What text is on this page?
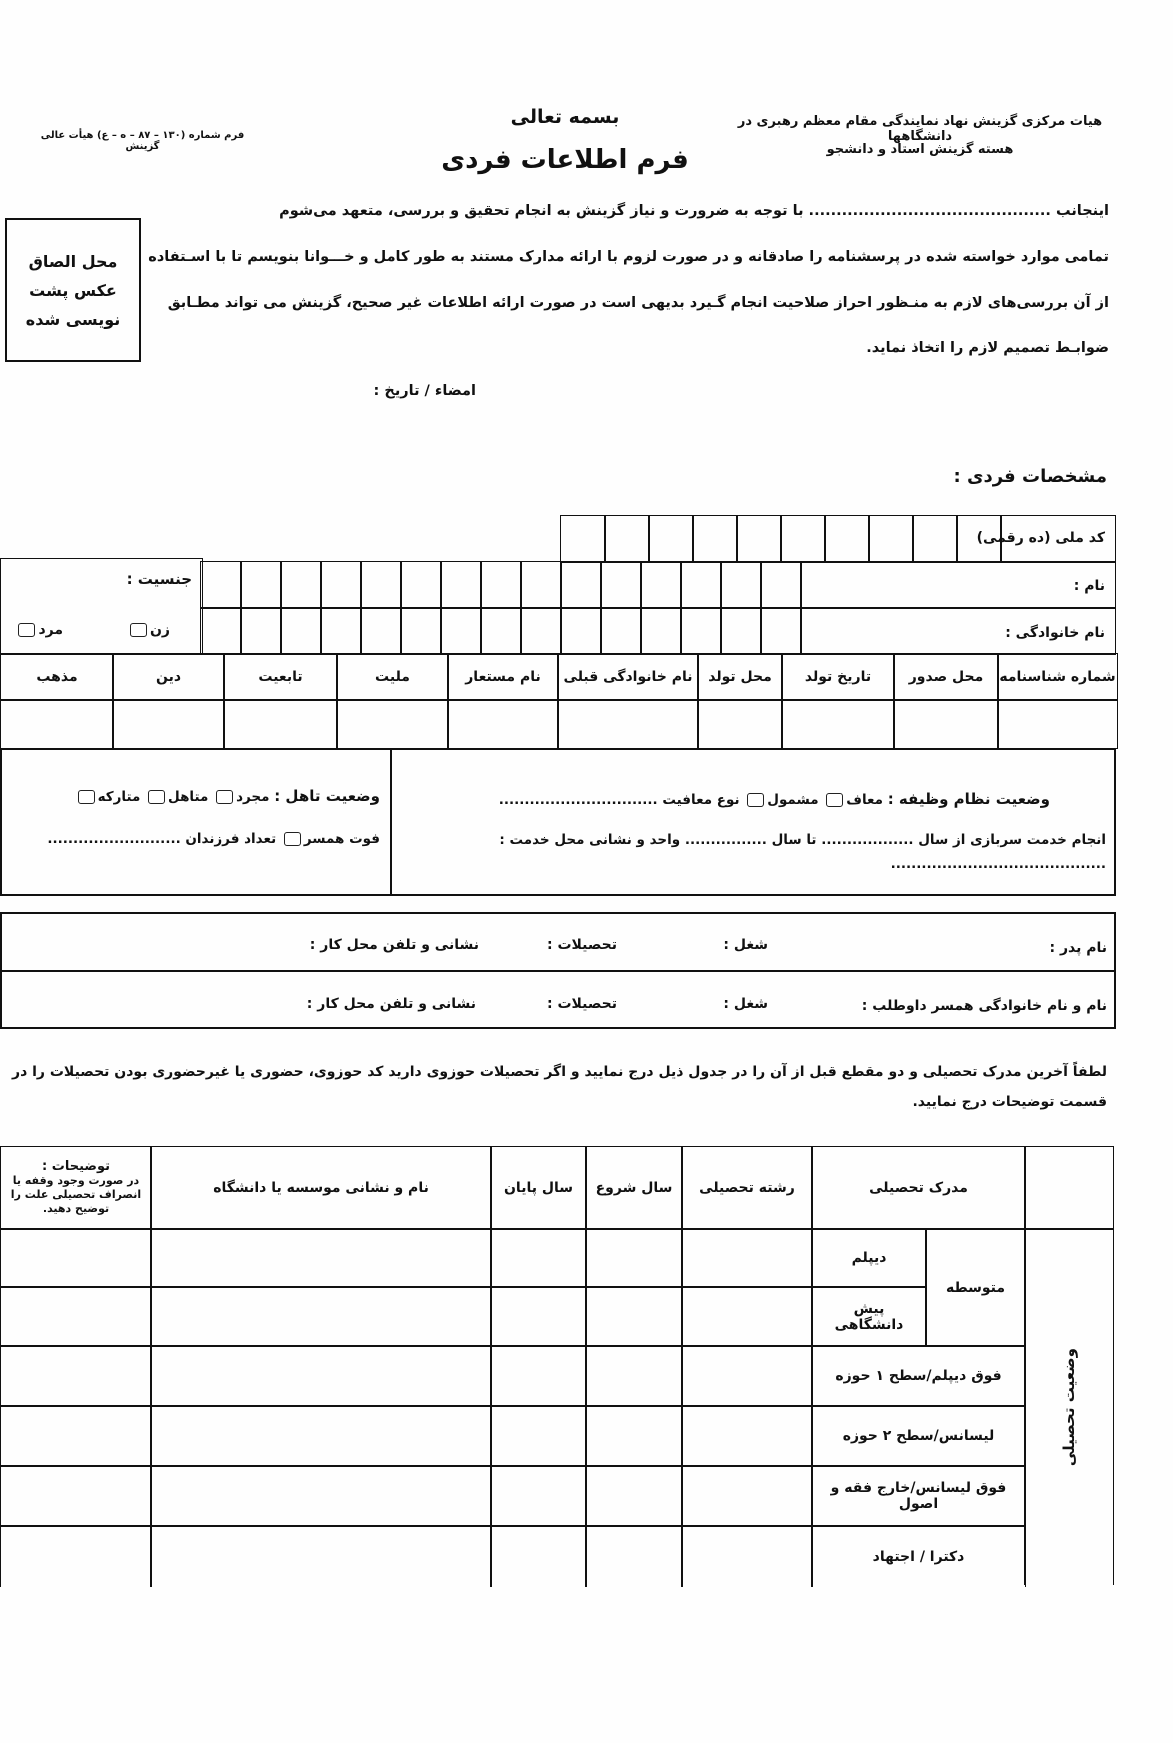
بسمه تعالی
فرم اطلاعات فردی
هیات مرکزی گزینش نهاد نمایندگی مقام معظم رهبری در دانشگاهها
هسته گزینش استاد و دانشجو
فرم شماره (۱۳۰ – ۸۷ – ه – ع) هیأت عالی گزینش
محل الصاق
عکس پشت
نویسی شده
اینجانب ............................................ با توجه به ضرورت و نیاز گزینش به انجام تحقیق و بررسی، متعهد می‌شوم
تمامی موارد خواسته شده در پرسشنامه را صادقانه و در صورت لزوم با ارائه مدارک مستند به طور کامل و خـــوانا بنویسم تا با اسـتفاده
از آن بررسی‌های لازم به منـظور احراز صلاحیت انجام گـیرد بدیهی است در صورت ارائه اطلاعات غیر صحیح، گزینش می تواند مطـابق
ضوابـط تصمیم لازم را اتخاذ نماید.
امضاء / تاریخ :
مشخصات فردی :
کد ملی (ده رقمی)
نام :
نام خانوادگی :
جنسیت :
زن
مرد
شماره شناسنامه
محل صدور
تاریخ تولد
محل تولد
نام خانوادگی قبلی
نام مستعار
ملیت
تابعیت
دین
مذهب
وضعیت نظام وظیفه : معاف مشمول نوع معافیت ...............................
انجام خدمت سربازی از سال .................. تا سال ................ واحد و نشانی محل خدمت : ..........................................
وضعیت تاهل : مجرد متاهل متارکه
فوت همسر تعداد فرزندان ..........................
نام پدر :
شغل :
تحصیلات :
نشانی و تلفن محل کار :
نام و نام خانوادگی همسر داوطلب :
شغل :
تحصیلات :
نشانی و تلفن محل کار :
لطفاً آخرین مدرک تحصیلی و دو مقطع قبل از آن را در جدول ذیل درج نمایید و اگر تحصیلات حوزوی دارید کد حوزوی، حضوری یا غیرحضوری بودن تحصیلات را در
قسمت توضیحات درج نمایید.
وضعیت تحصیلی
مدرک تحصیلی
رشته تحصیلی
سال شروع
سال پایان
نام و نشانی موسسه یا دانشگاه
توضیحات :
در صورت وجود وقفه یا انصراف تحصیلی علت را توضیح دهید.
متوسطه
دیپلم
پیش دانشگاهی
فوق دیپلم/سطح ۱ حوزه
لیسانس/سطح ۲ حوزه
فوق لیسانس/خارج فقه و اصول
دکترا / اجتهاد
